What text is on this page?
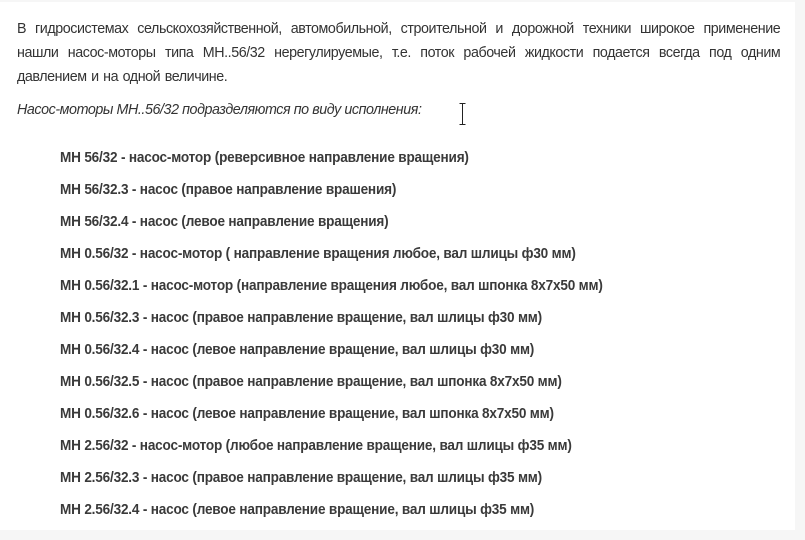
В гидросистемах сельскохозяйственной, автомобильной, строительной и дорожной техники широкое применение нашли насос-моторы типа МН..56/32 нерегулируемые, т.е. поток рабочей жидкости подается всегда под одним давлением и на одной величине.

Насос-моторы МН..56/32 подразделяются по виду исполнения:

МН 56/32 - насос-мотор (реверсивное направление вращения)
МН 56/32.3 - насос (правое направление врашения)
МН 56/32.4 - насос (левое направление вращения)
МН 0.56/32 - насос-мотор ( направление вращения любое, вал шлицы ф30 мм)
МН 0.56/32.1 - насос-мотор (направление вращения любое, вал шпонка 8х7х50 мм)
МН 0.56/32.3 - насос (правое направление вращение, вал шлицы ф30 мм)
МН 0.56/32.4 - насос (левое направление вращение, вал шлицы ф30 мм)
МН 0.56/32.5 - насос (правое направление вращение, вал шпонка 8х7х50 мм)
МН 0.56/32.6 - насос (левое направление вращение, вал шпонка 8х7х50 мм)
МН 2.56/32 - насос-мотор (любое направление вращение, вал шлицы ф35 мм)
МН 2.56/32.3 - насос (правое направление вращение, вал шлицы ф35 мм)
МН 2.56/32.4 - насос (левое направление вращение, вал шлицы ф35 мм)
